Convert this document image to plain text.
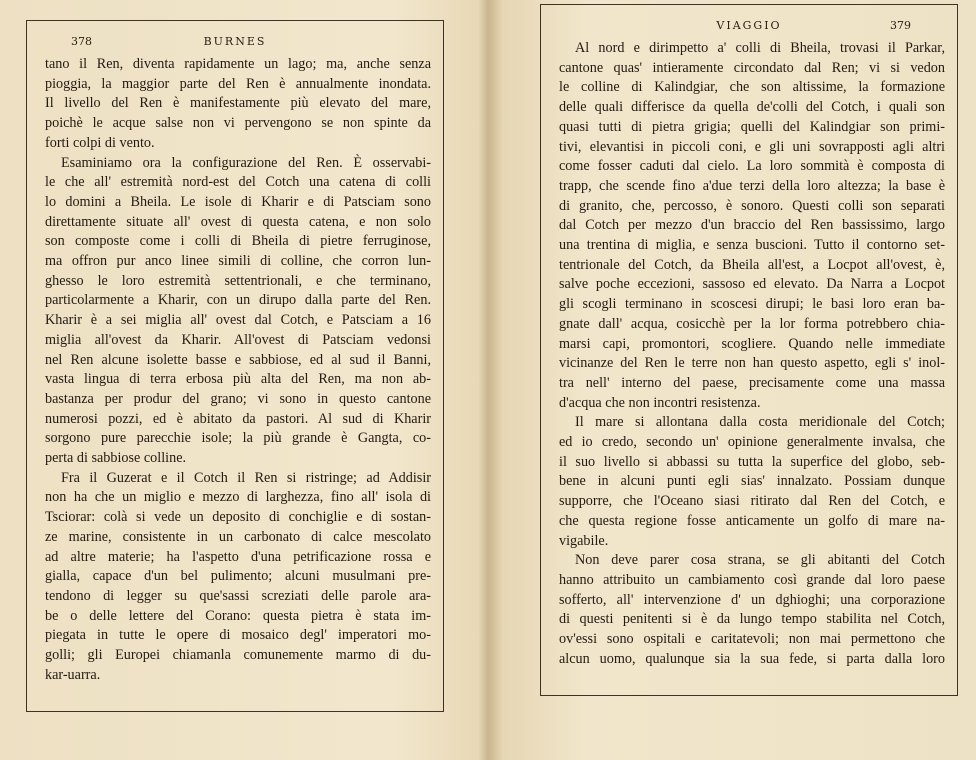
378	BURNES
tano il Ren, diventa rapidamente un lago; ma, anche senza
pioggia, la maggior parte del Ren è annualmente inondata.
Il livello del Ren è manifestamente più elevato del mare,
poichè le acque salse non vi pervengono se non spinte da
forti colpi di vento.
Esaminiamo ora la configurazione del Ren. È osservabi-
le che all' estremità nord-est del Cotch una catena di colli
lo domini a Bheila. Le isole di Kharir e di Patsciam sono
direttamente situate all' ovest di questa catena, e non solo
son composte come i colli di Bheila di pietre ferruginose,
ma offron pur anco linee simili di colline, che corron lun-
ghesso le loro estremità settentrionali, e che terminano,
particolarmente a Kharir, con un dirupo dalla parte del Ren.
Kharir è a sei miglia all' ovest dal Cotch, e Patsciam a 16
miglia all'ovest da Kharir. All'ovest di Patsciam vedonsi
nel Ren alcune isolette basse e sabbiose, ed al sud il Banni,
vasta lingua di terra erbosa più alta del Ren, ma non ab-
bastanza per produr del grano; vi sono in questo cantone
numerosi pozzi, ed è abitato da pastori. Al sud di Kharir
sorgono pure parecchie isole; la più grande è Gangta, co-
perta di sabbiose colline.
Fra il Guzerat e il Cotch il Ren si ristringe; ad Addisir
non ha che un miglio e mezzo di larghezza, fino all' isola di
Tsciorar: colà si vede un deposito di conchiglie e di sostan-
ze marine, consistente in un carbonato di calce mescolato
ad altre materie; ha l'aspetto d'una petrificazione rossa e
gialla, capace d'un bel pulimento; alcuni musulmani pre-
tendono di legger su que'sassi screziati delle parole ara-
be o delle lettere del Corano: questa pietra è stata im-
piegata in tutte le opere di mosaico degl' imperatori mo-
golli; gli Europei chiamanla comunemente marmo di du-
kar-uarra.
379
VIAGGIO
Al nord e dirimpetto a' colli di Bheila, trovasi il Parkar,
cantone quas' intieramente circondato dal Ren; vi si vedon
le colline di Kalindgiar, che son altissime, la formazione
delle quali differisce da quella de'colli del Cotch, i quali son
quasi tutti di pietra grigia; quelli del Kalindgiar son primi-
tivi, elevantisi in piccoli coni, e gli uni sovrapposti agli altri
come fosser caduti dal cielo. La loro sommità è composta di
trapp, che scende fino a'due terzi della loro altezza; la base è
di granito, che, percosso, è sonoro. Questi colli son separati
dal Cotch per mezzo d'un braccio del Ren bassissimo, largo
una trentina di miglia, e senza buscioni. Tutto il contorno set-
tentrionale del Cotch, da Bheila all'est, a Locpot all'ovest, è,
salve poche eccezioni, sassoso ed elevato. Da Narra a Locpot
gli scogli terminano in scoscesi dirupi; le basi loro eran ba-
gnate dall' acqua, cosicchè per la lor forma potrebbero chia-
marsi capi, promontori, scogliere. Quando nelle immediate
vicinanze del Ren le terre non han questo aspetto, egli s' inol-
tra nell' interno del paese, precisamente come una massa
d'acqua che non incontri resistenza.
Il mare si allontana dalla costa meridionale del Cotch;
ed io credo, secondo un' opinione generalmente invalsa, che
il suo livello si abbassi su tutta la superfice del globo, seb-
bene in alcuni punti egli sias' innalzato. Possiam dunque
supporre, che l'Oceano siasi ritirato dal Ren del Cotch, e
che questa regione fosse anticamente un golfo di mare na-
vigabile.
Non deve parer cosa strana, se gli abitanti del Cotch
hanno attribuito un cambiamento così grande dal loro paese
sofferto, all' intervenzione d' un dghioghi; una corporazione
di questi penitenti si è da lungo tempo stabilita nel Cotch,
ov'essi sono ospitali e caritatevoli; non mai permettono che
alcun uomo, qualunque sia la sua fede, si parta dalla loro
